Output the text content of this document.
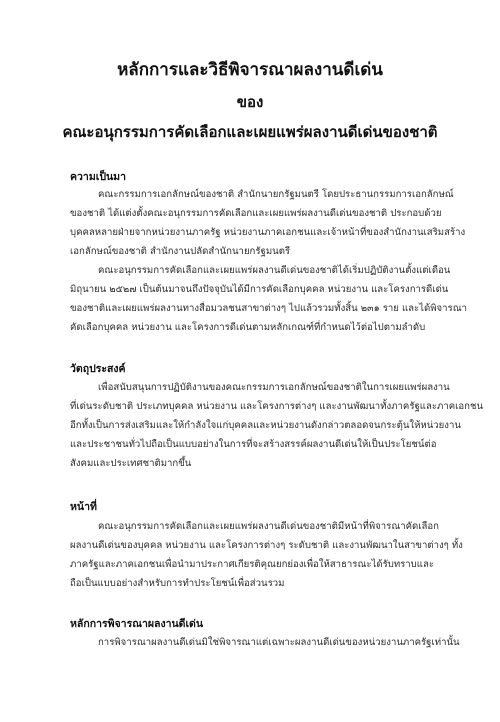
หลักการและวิธีพิจารณาผลงานดีเด่น
ของ
คณะอนุกรรมการคัดเลือกและเผยแพร่ผลงานดีเด่นของชาติ
ความเป็นมา
คณะกรรมการเอกลักษณ์ของชาติ สำนักนายกรัฐมนตรี โดยประธานกรรมการเอกลักษณ์
ของชาติ ได้แต่งตั้งคณะอนุกรรมการคัดเลือกและเผยแพร่ผลงานดีเด่นของชาติ ประกอบด้วย
บุคคลหลายฝ่ายจากหน่วยงานภาครัฐ หน่วยงานภาคเอกชนและเจ้าหน้าที่ของสำนักงานเสริมสร้าง
เอกลักษณ์ของชาติ สำนักงานปลัดสำนักนายกรัฐมนตรี
คณะอนุกรรมการคัดเลือกและเผยแพร่ผลงานดีเด่นของชาติได้เริ่มปฏิบัติงานตั้งแต่เดือน
มิถุนายน ๒๕๒๗ เป็นต้นมาจนถึงปัจจุบันได้มีการคัดเลือกบุคคล หน่วยงาน และโครงการดีเด่น
ของชาติและเผยแพร่ผลงานทางสื่อมวลชนสาขาต่างๆ ไปแล้วรวมทั้งสิ้น ๒๓๑ ราย และได้พิจารณา
คัดเลือกบุคคล หน่วยงาน และโครงการดีเด่นตามหลักเกณฑ์ที่กำหนดไว้ต่อไปตามลำดับ
วัตถุประสงค์
เพื่อสนับสนุนการปฏิบัติงานของคณะกรรมการเอกลักษณ์ของชาติในการเผยแพร่ผลงาน
ที่เด่นระดับชาติ ประเภทบุคคล หน่วยงาน และโครงการต่างๆ และงานพัฒนาทั้งภาครัฐและภาคเอกชน
อีกทั้งเป็นการส่งเสริมและให้กำลังใจแก่บุคคลและหน่วยงานดังกล่าวตลอดจนกระตุ้นให้หน่วยงาน
และประชาชนทั่วไปถือเป็นแบบอย่างในการที่จะสร้างสรรค์ผลงานดีเด่นให้เป็นประโยชน์ต่อ
สังคมและประเทศชาติมากขึ้น
หน้าที่
คณะอนุกรรมการคัดเลือกและเผยแพร่ผลงานดีเด่นของชาติมีหน้าที่พิจารณาคัดเลือก
ผลงานดีเด่นของบุคคล หน่วยงาน และโครงการต่างๆ ระดับชาติ และงานพัฒนาในสาขาต่างๆ ทั้ง
ภาครัฐและภาคเอกชนเพื่อนำมาประกาศเกียรติคุณยกย่องเพื่อให้สาธารณะได้รับทราบและ
ถือเป็นแบบอย่างสำหรับการทำประโยชน์เพื่อส่วนรวม
หลักการพิจารณาผลงานดีเด่น
การพิจารณาผลงานดีเด่นมิใช่พิจารณาแต่เฉพาะผลงานดีเด่นของหน่วยงานภาครัฐเท่านั้น
